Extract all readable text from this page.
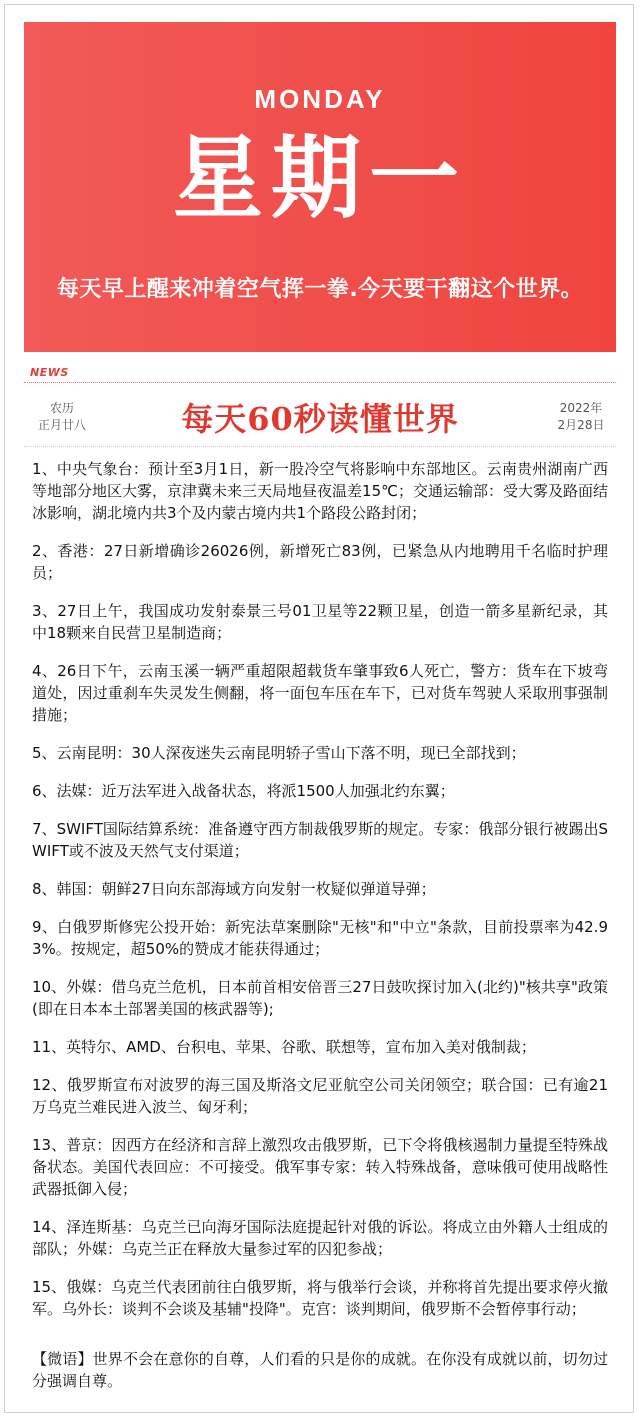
MONDAY
星期一
每天早上醒来冲着空气挥一拳.今天要干翻这个世界。
NEWS
农历
正月廿八	每天60秒读懂世界	2022年
2月28日
1、中央气象台：预计至3月1日，新一股冷空气将影响中东部地区。云南贵州湖南广西等地部分地区大雾，京津冀未来三天局地昼夜温差15℃；交通运输部：受大雾及路面结冰影响，湖北境内共3个及内蒙古境内共1个路段公路封闭；
2、香港：27日新增确诊26026例，新增死亡83例，已紧急从内地聘用千名临时护理员；
3、27日上午，我国成功发射泰景三号01卫星等22颗卫星，创造一箭多星新纪录，其中18颗来自民营卫星制造商；
4、26日下午，云南玉溪一辆严重超限超载货车肇事致6人死亡，警方：货车在下坡弯道处，因过重刹车失灵发生侧翻，将一面包车压在车下，已对货车驾驶人采取刑事强制措施；
5、云南昆明：30人深夜迷失云南昆明轿子雪山下落不明，现已全部找到；
6、法媒：近万法军进入战备状态，将派1500人加强北约东翼；
7、SWIFT国际结算系统：准备遵守西方制裁俄罗斯的规定。专家：俄部分银行被踢出SWIFT或不波及天然气支付渠道；
8、韩国：朝鲜27日向东部海域方向发射一枚疑似弹道导弹；
9、白俄罗斯修宪公投开始：新宪法草案删除"无核"和"中立"条款，目前投票率为42.93%。按规定，超50%的赞成才能获得通过；
10、外媒：借乌克兰危机，日本前首相安倍晋三27日鼓吹探讨加入(北约)"核共享"政策(即在日本本土部署美国的核武器等);
11、英特尔、AMD、台积电、苹果、谷歌、联想等，宣布加入美对俄制裁；
12、俄罗斯宣布对波罗的海三国及斯洛文尼亚航空公司关闭领空；联合国：已有逾21万乌克兰难民进入波兰、匈牙利；
13、普京：因西方在经济和言辞上激烈攻击俄罗斯，已下令将俄核遏制力量提至特殊战备状态。美国代表回应：不可接受。俄军事专家：转入特殊战备，意味俄可使用战略性武器抵御入侵；
14、泽连斯基：乌克兰已向海牙国际法庭提起针对俄的诉讼。将成立由外籍人士组成的部队；外媒：乌克兰正在释放大量参过军的囚犯参战；
15、俄媒：乌克兰代表团前往白俄罗斯，将与俄举行会谈，并称将首先提出要求停火撤军。乌外长：谈判不会谈及基辅"投降"。克宫：谈判期间，俄罗斯不会暂停事行动；
【微语】世界不会在意你的自尊，人们看的只是你的成就。在你没有成就以前，切勿过分强调自尊。
